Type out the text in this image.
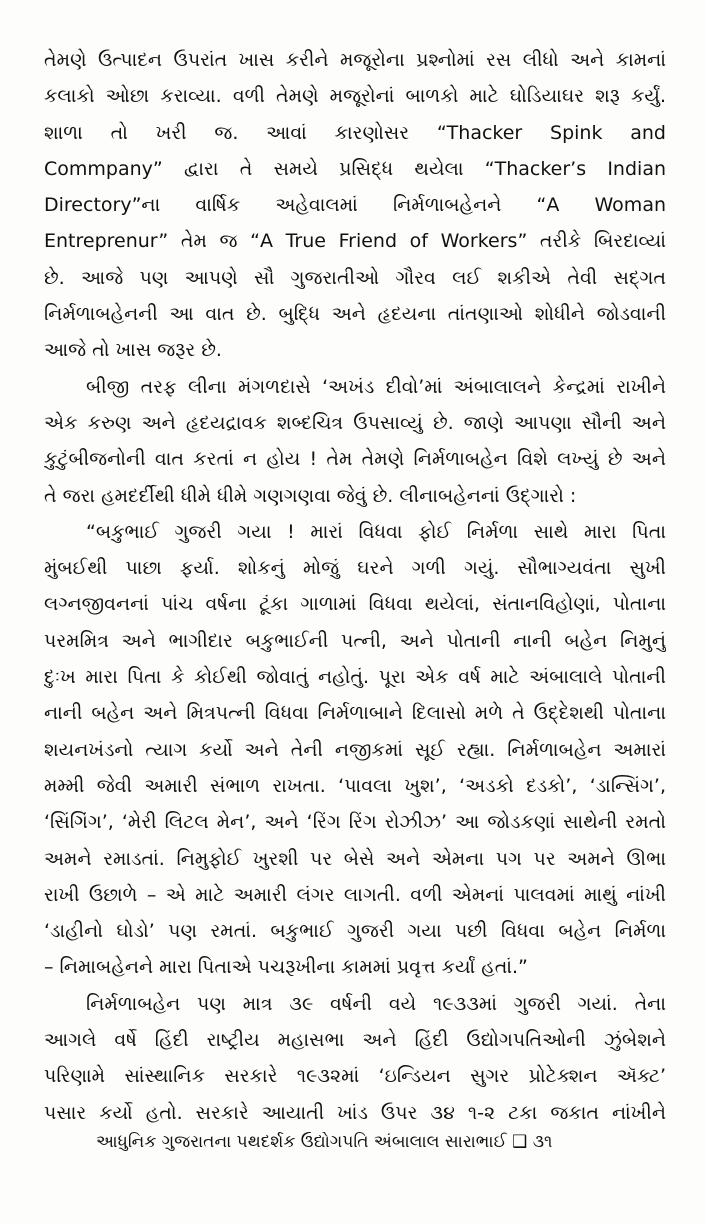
તેમણે ઉત્પાદન ઉપરાંત ખાસ કરીને મજૂરોના પ્રશ્નોમાં રસ લીધો અને કામનાં
કલાકો ઓછા કરાવ્યા. વળી તેમણે મજૂરોનાં બાળકો માટે ઘોડિયાઘર શરૂ કર્યું.
શાળા તો ખરી જ. આવાં કારણોસર “Thacker Spink and
Commpany” દ્વારા તે સમયે પ્રસિદ્ધ થયેલા “Thacker’s Indian
Directory”ના વાર્ષિક અહેવાલમાં નિર્મળાબહેનને “A Woman
Entreprenur” તેમ જ “A True Friend of Workers” તરીકે બિરદાવ્યાં
છે. આજે પણ આપણે સૌ ગુજરાતીઓ ગૌરવ લઈ શકીએ તેવી સદ્ગત
નિર્મળાબહેનની આ વાત છે. બુદ્ધિ અને હૃદયના તાંતણાઓ શોધીને જોડવાની
આજે તો ખાસ જરૂર છે.

બીજી તરફ લીના મંગળદાસે ‘અખંડ દીવો’માં અંબાલાલને કેન્દ્રમાં રાખીને
એક કરુણ અને હૃદયદ્રાવક શબ્દચિત્ર ઉપસાવ્યું છે. જાણે આપણા સૌની અને
કુટુંબીજનોની વાત કરતાં ન હોય ! તેમ તેમણે નિર્મળાબહેન વિશે લખ્યું છે અને
તે જરા હમદર્દીથી ધીમે ધીમે ગણગણવા જેવું છે. લીનાબહેનનાં ઉદ્ગારો :

“બકુભાઈ ગુજરી ગયા ! મારાં વિધવા ફોઈ નિર્મળા સાથે મારા પિતા
મુંબઈથી પાછા ફર્યા. શોકનું મોજું ઘરને ગળી ગયું. સૌભાગ્યવંતા સુખી
લગ્નજીવનનાં પાંચ વર્ષના ટૂંકા ગાળામાં વિધવા થયેલાં, સંતાનવિહોણાં, પોતાના
પરમમિત્ર અને ભાગીદાર બકુભાઈની પત્ની, અને પોતાની નાની બહેન નિમુનું
દુઃખ મારા પિતા કે કોઈથી જોવાતું નહોતું. પૂરા એક વર્ષ માટે અંબાલાલે પોતાની
નાની બહેન અને મિત્રપત્ની વિધવા નિર્મળાબાને દિલાસો મળે તે ઉદ્દેશથી પોતાના
શયનખંડનો ત્યાગ કર્યો અને તેની નજીકમાં સૂઈ રહ્યા. નિર્મળાબહેન અમારાં
મમ્મી જેવી અમારી સંભાળ રાખતા. ‘પાવલા ખુશ’, ‘અડકો દડકો’, ‘ડાન્સિંગ’,
‘સિંગિંગ’, ‘મેરી લિટલ મેન’, અને ‘રિંગ રિંગ રોઝીઝ’ આ જોડકણાં સાથેની રમતો
અમને રમાડતાં. નિમુફોઈ ખુરશી પર બેસે અને એમના પગ પર અમને ઊભા
રાખી ઉછાળે – એ માટે અમારી લંગર લાગતી. વળી એમનાં પાલવમાં માથું નાંખી
‘ડાહીનો ઘોડો’ પણ રમતાં. બકુભાઈ ગુજરી ગયા પછી વિધવા બહેન નિર્મળા
– નિમાબહેનને મારા પિતાએ પચરૂખીના કામમાં પ્રવૃત્ત કર્યાં હતાં.”

નિર્મળાબહેન પણ માત્ર ૩૯ વર્ષની વયે ૧૯૩૩માં ગુજરી ગયાં. તેના
આગલે વર્ષે હિંદી રાષ્ટ્રીય મહાસભા અને હિંદી ઉદ્યોગપતિઓની ઝુંબેશને
પરિણામે સાંસ્થાનિક સરકારે ૧૯૩૨માં ‘ઇન્ડિયન સુગર પ્રોટેક્શન ઍક્ટ’
પસાર કર્યો હતો. સરકારે આયાતી ખાંડ ઉપર ૩૪ ૧-૨ ટકા જકાત નાંખીને

આધુનિક ગુજરાતના પથદર્શક ઉદ્યોગપતિ અંબાલાલ સારાભાઈ ❑ ૩૧
